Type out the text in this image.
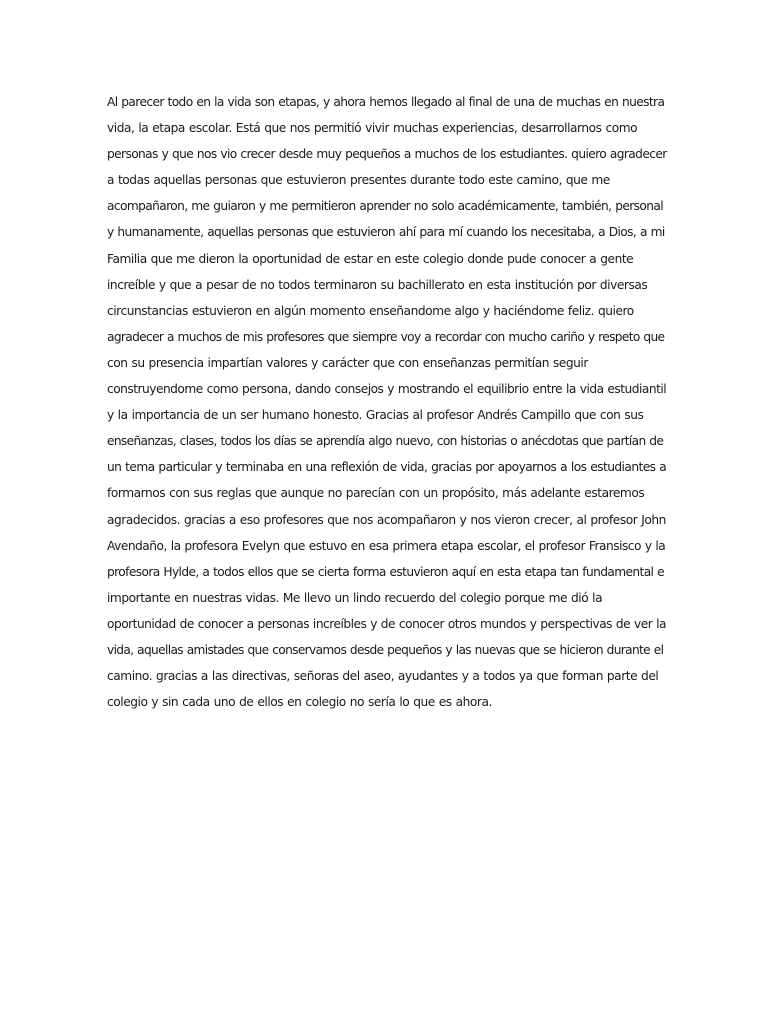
Al parecer todo en la vida son etapas, y ahora hemos llegado al final de una de muchas en nuestra
vida, la etapa escolar. Está que nos permitió vivir muchas experiencias, desarrollarnos como
personas y que nos vio crecer desde muy pequeños a muchos de los estudiantes. quiero agradecer
a todas aquellas personas que estuvieron presentes durante todo este camino, que me
acompañaron, me guiaron y me permitieron aprender no solo académicamente, también, personal
y humanamente, aquellas personas que estuvieron ahí para mí cuando los necesitaba, a Dios, a mi
Familia que me dieron la oportunidad de estar en este colegio donde pude conocer a gente
increíble y que a pesar de no todos terminaron su bachillerato en esta institución por diversas
circunstancias estuvieron en algún momento enseñandome algo y haciéndome feliz. quiero
agradecer a muchos de mis profesores que siempre voy a recordar con mucho cariño y respeto que
con su presencia impartían valores y carácter que con enseñanzas permitían seguir
construyendome como persona, dando consejos y mostrando el equilibrio entre la vida estudiantil
y la importancia de un ser humano honesto. Gracias al profesor Andrés Campillo que con sus
enseñanzas, clases, todos los días se aprendía algo nuevo, con historias o anécdotas que partían de
un tema particular y terminaba en una reflexión de vida, gracias por apoyarnos a los estudiantes a
formarnos con sus reglas que aunque no parecían con un propósito, más adelante estaremos
agradecidos. gracias a eso profesores que nos acompañaron y nos vieron crecer, al profesor John
Avendaño, la profesora Evelyn que estuvo en esa primera etapa escolar, el profesor Fransisco y la
profesora Hylde, a todos ellos que se cierta forma estuvieron aquí en esta etapa tan fundamental e
importante en nuestras vidas. Me llevo un lindo recuerdo del colegio porque me dió la
oportunidad de conocer a personas increíbles y de conocer otros mundos y perspectivas de ver la
vida, aquellas amistades que conservamos desde pequeños y las nuevas que se hicieron durante el
camino. gracias a las directivas, señoras del aseo, ayudantes y a todos ya que forman parte del
colegio y sin cada uno de ellos en colegio no sería lo que es ahora.
